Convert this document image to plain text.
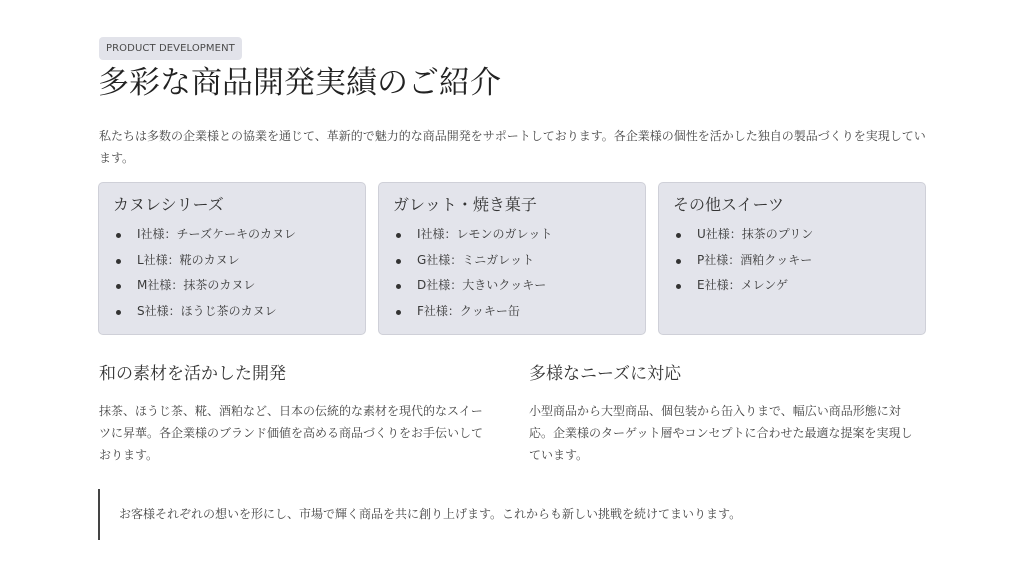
PRODUCT DEVELOPMENT
多彩な商品開発実績のご紹介

私たちは多数の企業様との協業を通じて、革新的で魅力的な商品開発をサポートしております。各企業様の個性を活かした独自の製品づくりを実現しています。

カヌレシリーズ
I社様：チーズケーキのカヌレ
L社様：糀のカヌレ
M社様：抹茶のカヌレ
S社様：ほうじ茶のカヌレ
ガレット・焼き菓子
I社様：レモンのガレット
G社様：ミニガレット
D社様：大きいクッキー
F社様：クッキー缶
その他スイーツ
U社様：抹茶のプリン
P社様：酒粕クッキー
E社様：メレンゲ
和の素材を活かした開発

抹茶、ほうじ茶、糀、酒粕など、日本の伝統的な素材を現代的なスイーツに昇華。各企業様のブランド価値を高める商品づくりをお手伝いしております。

多様なニーズに対応

小型商品から大型商品、個包装から缶入りまで、幅広い商品形態に対応。企業様のターゲット層やコンセプトに合わせた最適な提案を実現しています。

お客様それぞれの想いを形にし、市場で輝く商品を共に創り上げます。これからも新しい挑戦を続けてまいります。
